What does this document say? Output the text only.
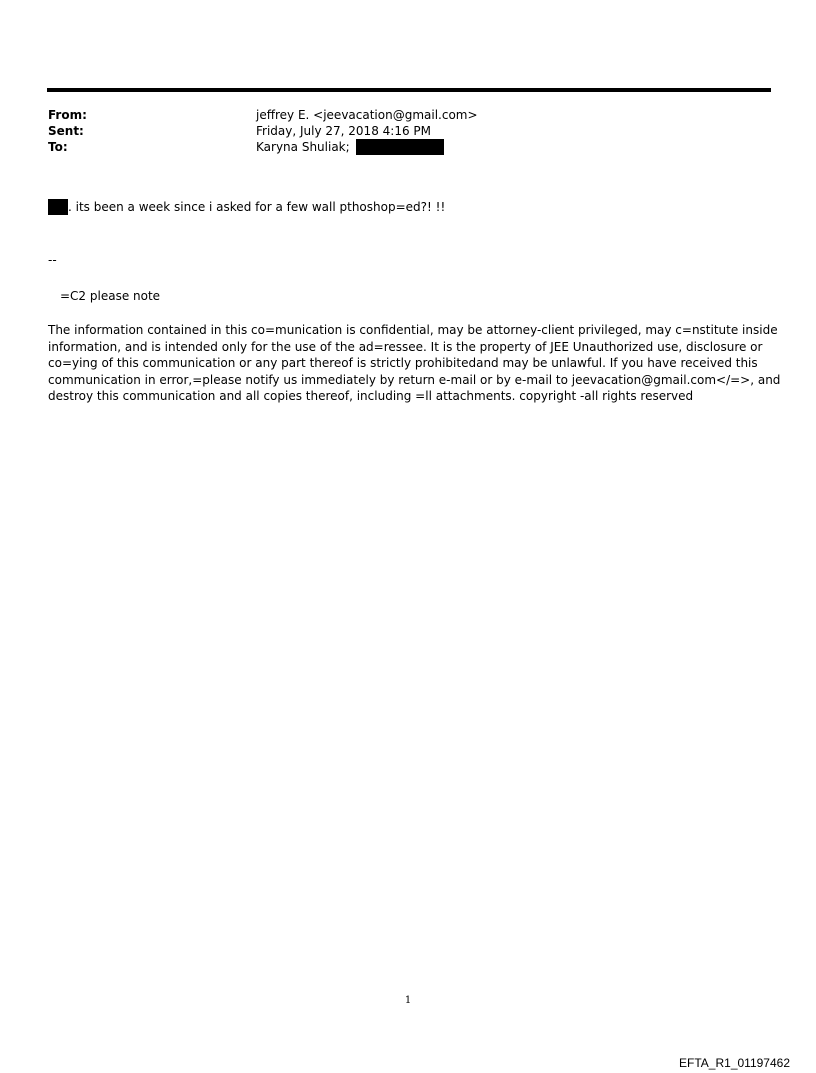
From:	jeffrey E. <jeevacation@gmail.com>
Sent:	Friday, July 27, 2018 4:16 PM
To:	Karyna Shuliak;
. its been a week since i asked for a few wall pthoshop=ed?! !!
--
=C2 please note

The information contained in this co=munication is confidential, may be attorney-client privileged, may c=nstitute inside

information, and is intended only for the use of the ad=ressee. It is the property of JEE Unauthorized use, disclosure or

co=ying of this communication or any part thereof is strictly prohibitedand may be unlawful. If you have received this

communication in error,=please notify us immediately by return e-mail or by e-mail to jeevacation@gmail.com</=>, and

destroy this communication and all copies thereof, including =ll attachments. copyright -all rights reserved

1
EFTA_R1_01197462
